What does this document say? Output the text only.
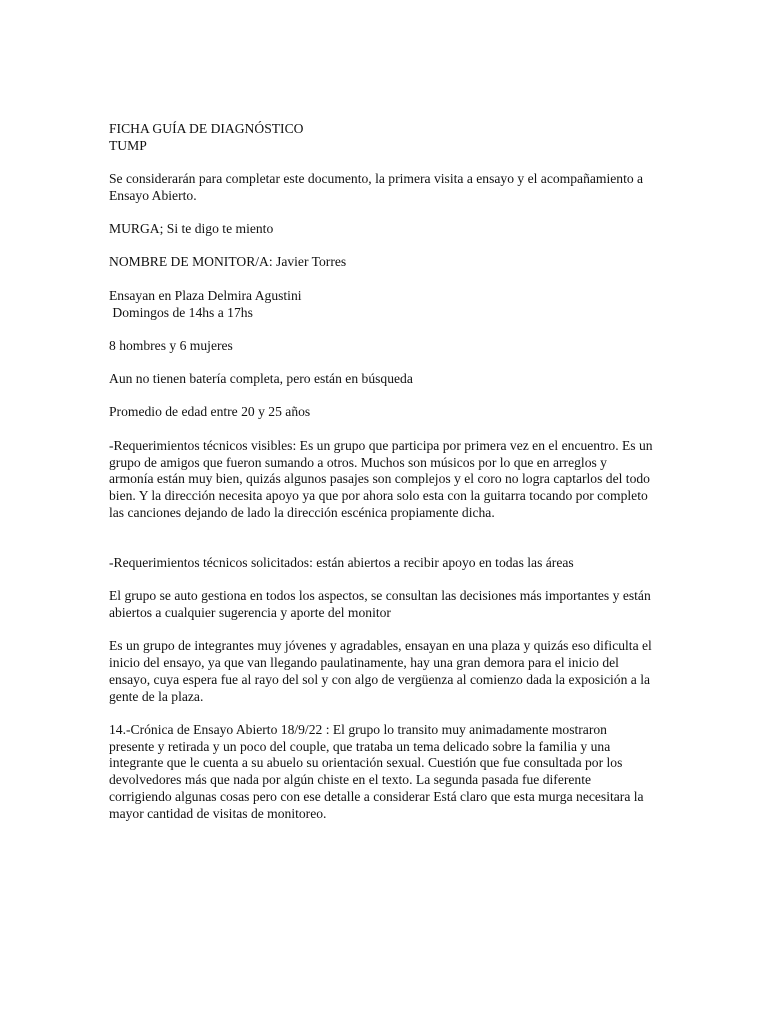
FICHA GUÍA DE DIAGNÓSTICO
TUMP

Se considerarán para completar este documento, la primera visita a ensayo y el acompañamiento a Ensayo Abierto.

MURGA; Si te digo te miento

NOMBRE DE MONITOR/A: Javier Torres

Ensayan en Plaza Delmira Agustini
Domingos de 14hs a 17hs

8 hombres y 6 mujeres

Aun no tienen batería completa, pero están en búsqueda

Promedio de edad entre 20 y 25 años

-Requerimientos técnicos visibles: Es un grupo que participa por primera vez en el encuentro. Es un grupo de amigos que fueron sumando a otros. Muchos son músicos por lo que en arreglos y armonía están muy bien, quizás algunos pasajes son complejos y el coro no logra captarlos del todo bien. Y la dirección necesita apoyo ya que por ahora solo esta con la guitarra tocando por completo las canciones dejando de lado la dirección escénica propiamente dicha.

-Requerimientos técnicos solicitados: están abiertos a recibir apoyo en todas las áreas

El grupo se auto gestiona en todos los aspectos, se consultan las decisiones más importantes y están abiertos a cualquier sugerencia y aporte del monitor

Es un grupo de integrantes muy jóvenes y agradables, ensayan en una plaza y quizás eso dificulta el inicio del ensayo, ya que van llegando paulatinamente, hay una gran demora para el inicio del ensayo, cuya espera fue al rayo del sol y con algo de vergüenza al comienzo dada la exposición a la gente de la plaza.

14.-Crónica de Ensayo Abierto 18/9/22 : El grupo lo transito muy animadamente mostraron presente y retirada y un poco del couple, que trataba un tema delicado sobre la familia y una integrante que le cuenta a su abuelo su orientación sexual. Cuestión que fue consultada por los devolvedores más que nada por algún chiste en el texto. La segunda pasada fue diferente corrigiendo algunas cosas pero con ese detalle a considerar Está claro que esta murga necesitara la mayor cantidad de visitas de monitoreo.
